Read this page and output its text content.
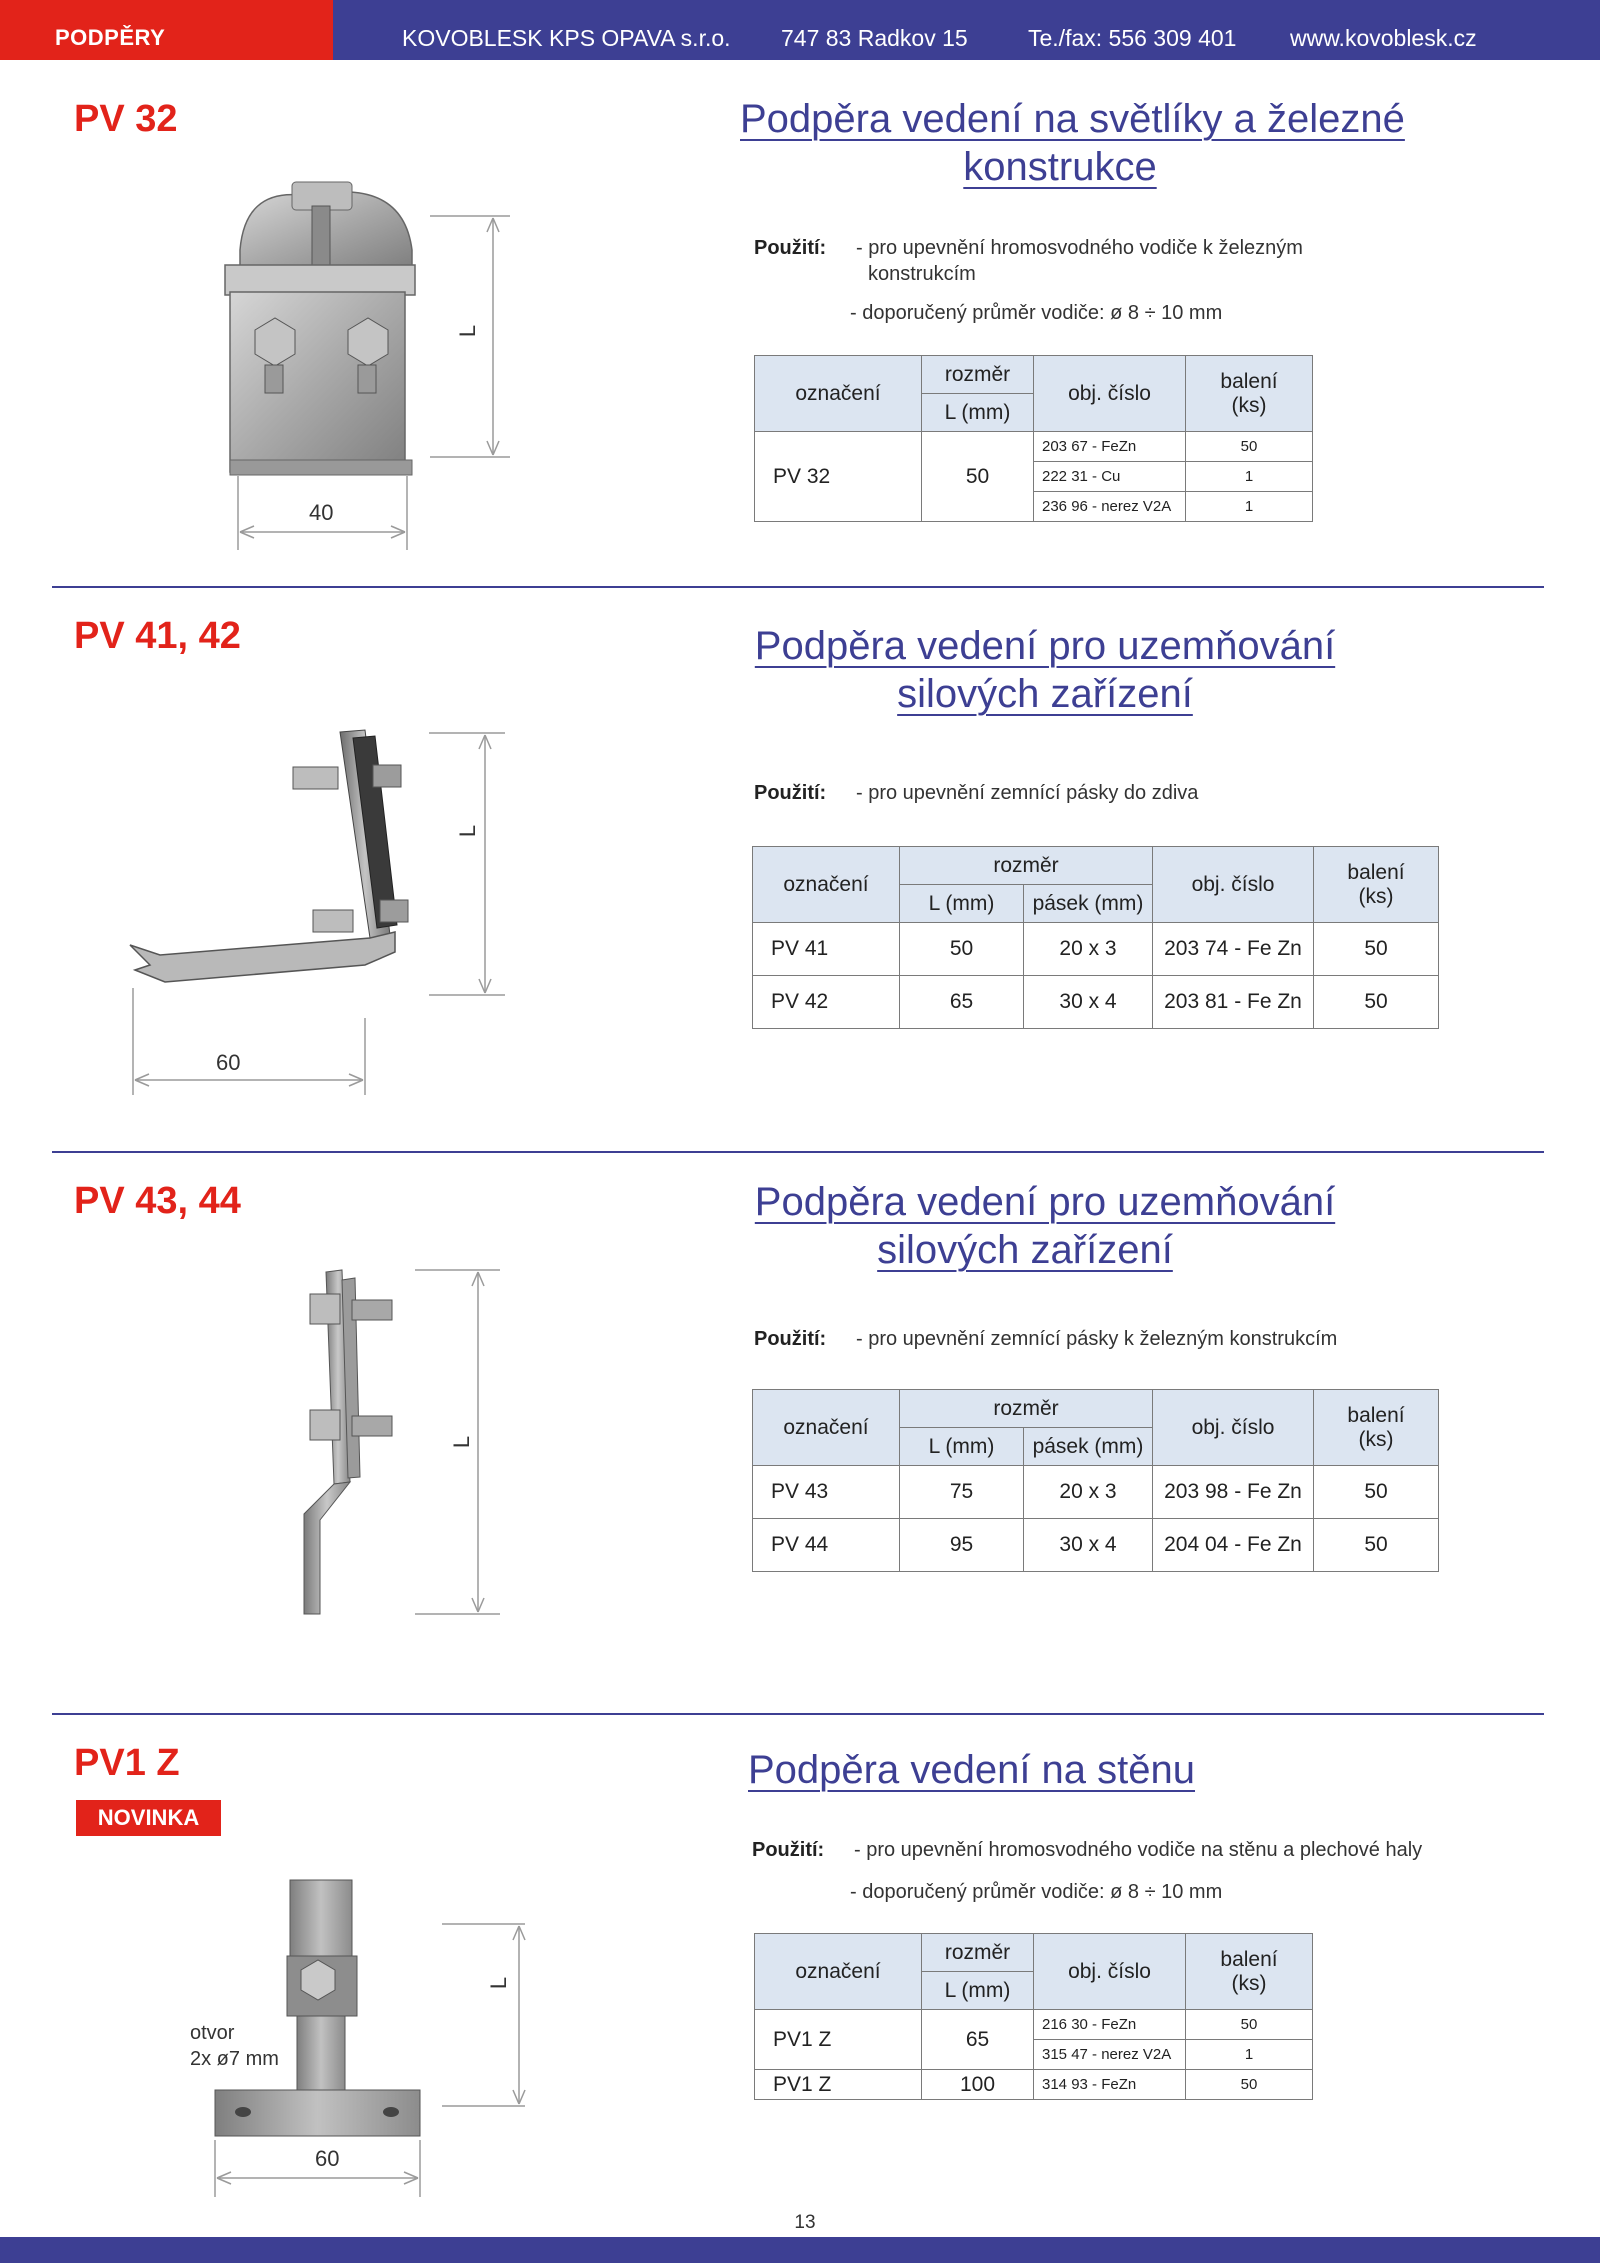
PODPĚRY	KOVOBLESK KPS OPAVA s.r.o. 747 83 Radkov 15	Te./fax: 556 309 401 www.kovoblesk.cz
PV 32	Podpěra vedení na světlíky a železné
konstrukce
Použití: - pro upevnění hromosvodného vodiče k železným
konstrukcím
- doporučený průměr vodiče: ø 8 ÷ 10 mm
označení	rozměr	obj. číslo	balení (ks)
	L (mm)		
PV 32	50	203 67 - FeZn	50
		222 31 - Cu	1
		236 96 - nerez V2A	1
L
40
PV 41, 42	Podpěra vedení pro uzemňování
silových zařízení
Použití: - pro upevnění zemnící pásky do zdiva
označení	rozměr		obj. číslo	balení (ks)
	L (mm)	pásek (mm)		
PV 41	50	20 x 3	203 74 - Fe Zn	50
PV 42	65	30 x 4	203 81 - Fe Zn	50
L
60
PV 43, 44	Podpěra vedení pro uzemňování
silových zařízení
Použití: - pro upevnění zemnící pásky k železným konstrukcím
označení	rozměr		obj. číslo	balení (ks)
	L (mm)	pásek (mm)		
PV 43	75	20 x 3	203 98 - Fe Zn	50
PV 44	95	30 x 4	204 04 - Fe Zn	50
L
PV1 Z
NOVINKA
Podpěra vedení na stěnu
Použití: - pro upevnění hromosvodného vodiče na stěnu a plechové haly
- doporučený průměr vodiče: ø 8 ÷ 10 mm
označení	rozměr	obj. číslo	balení (ks)
	L (mm)		
PV1 Z	65	216 30 - FeZn	50
		315 47 - nerez V2A	1
PV1 Z	100	314 93 - FeZn	50
otvor
2x ø7 mm
L
60
13
